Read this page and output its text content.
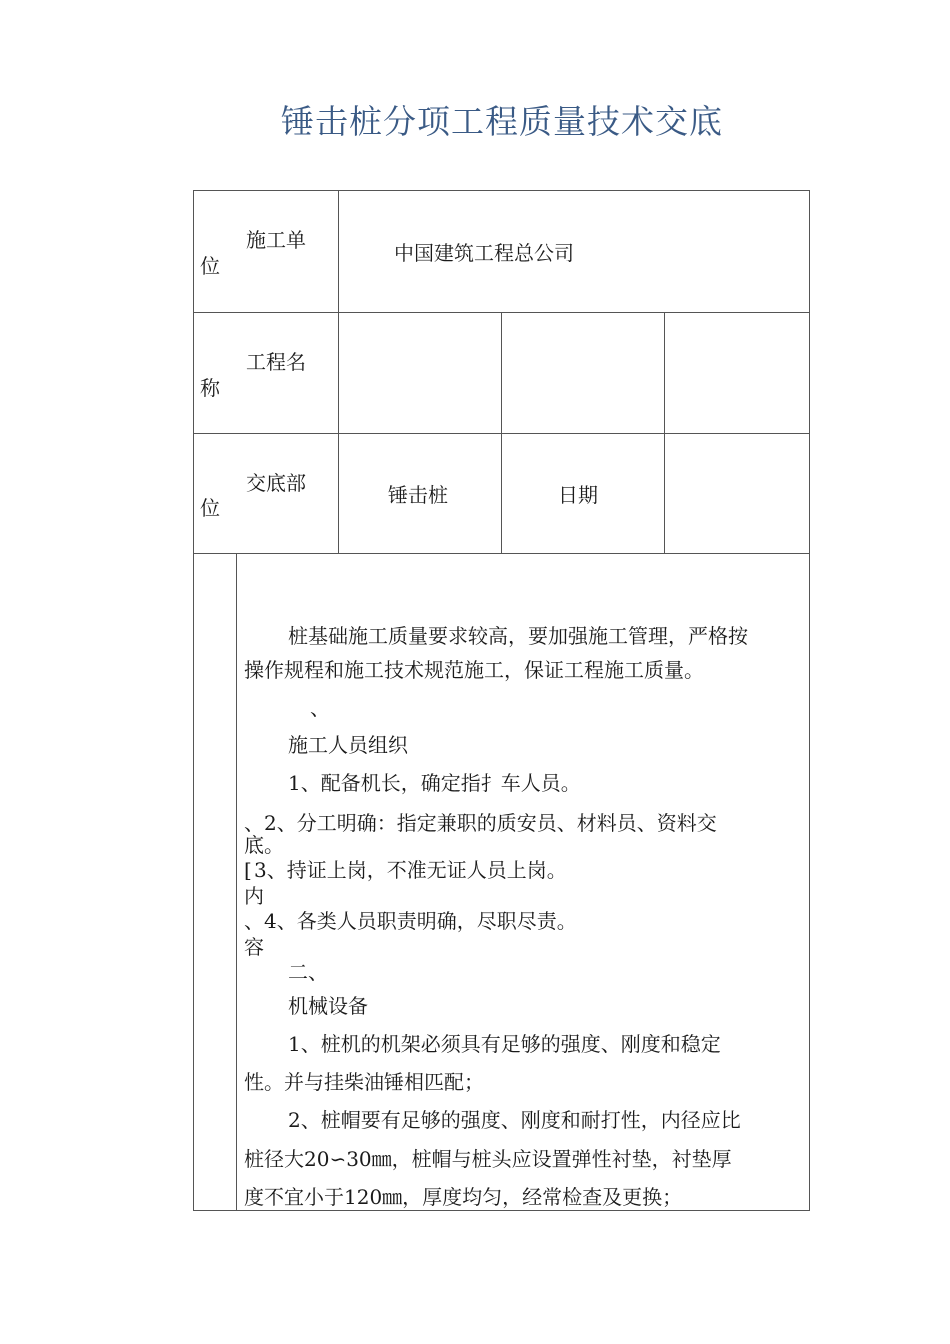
锤击桩分项工程质量技术交底
施工单
位
中国建筑工程总公司
工程名
称
交底部
位
锤击桩	日期
桩基础施工质量要求较高，要加强施工管理，严格按
操作规程和施工技术规范施工，保证工程施工质量。
、
施工人员组织
1、配备机长，确定指扌车人员。
、2、分工明确：指定兼职的质安员、材料员、资料交
底。
[ 3、持证上岗，不准无证人员上岗。
内
、4、各类人员职责明确，尽职尽责。
容
二、
机械设备
1、桩机的机架必须具有足够的强度、刚度和稳定
性。并与挂柴油锤相匹配；
2、桩帽要有足够的强度、刚度和耐打性，内径应比
桩径大20∽30㎜，桩帽与桩头应设置弹性衬垫，衬垫厚
度不宜小于120㎜，厚度均匀，经常检查及更换；
